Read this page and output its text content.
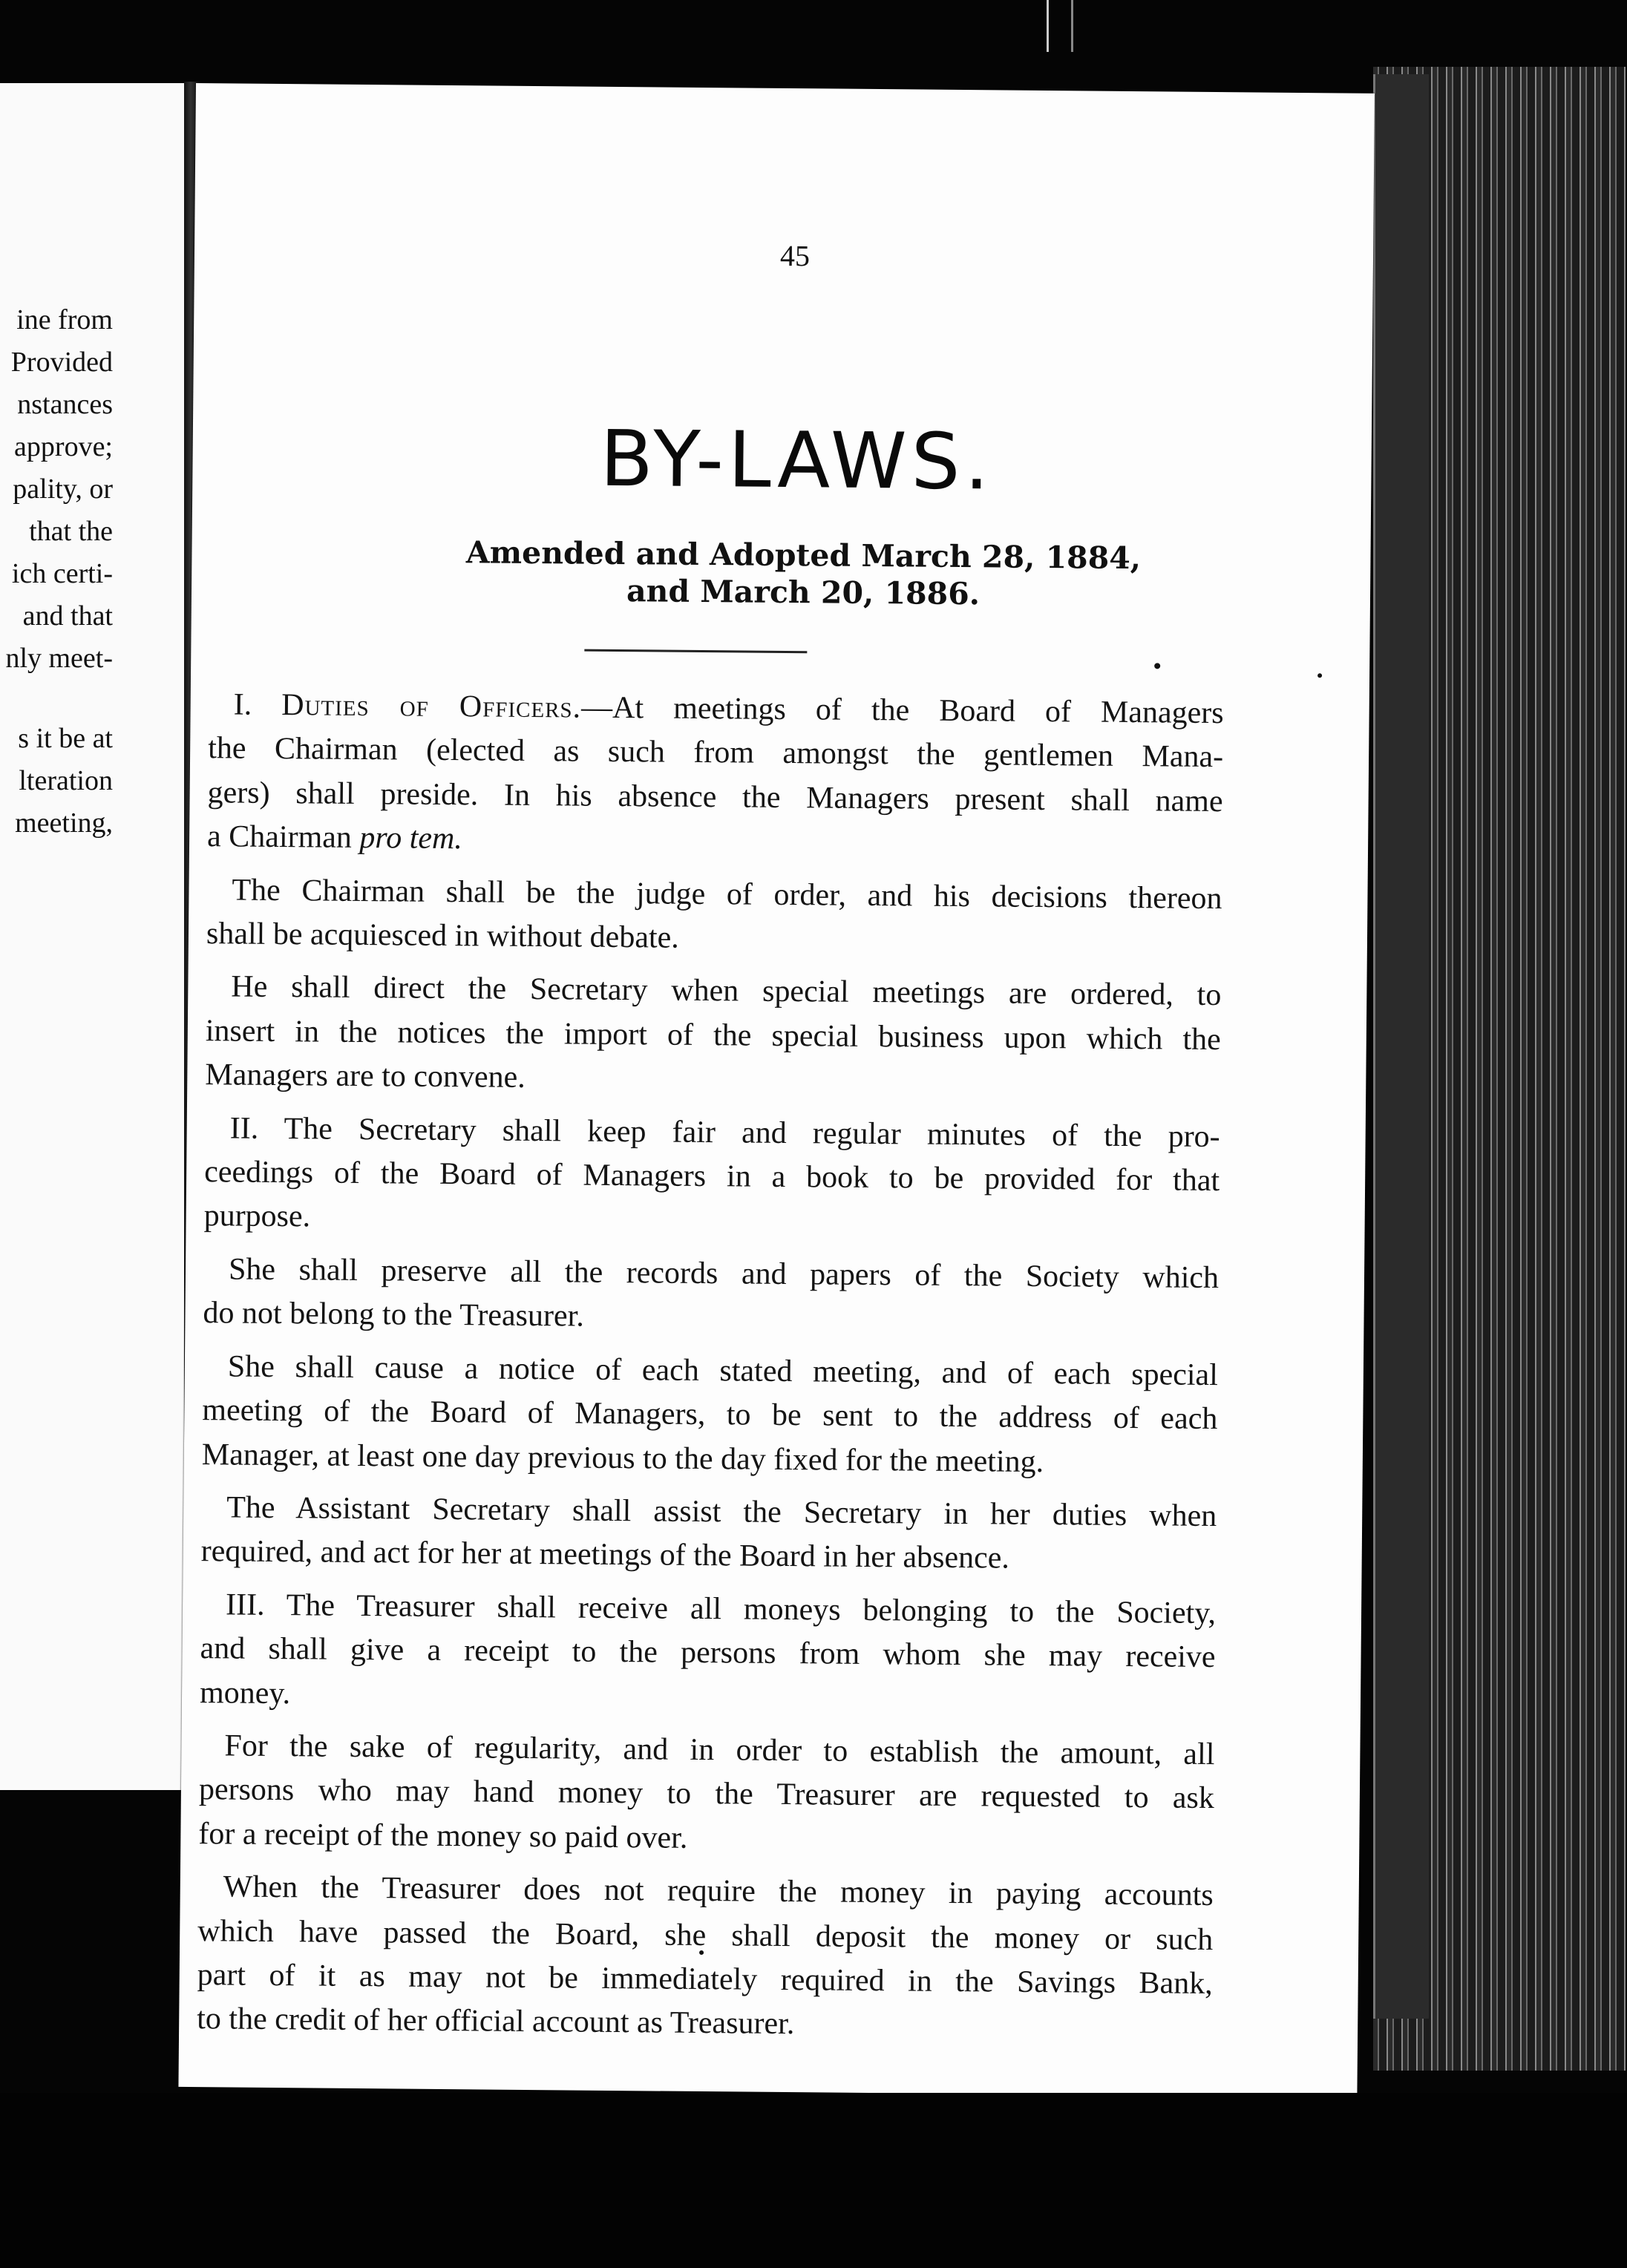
ine from
Provided
nstances
approve;
pality, or
that the
ich certi-
and that
nly meet-
s it be at
lteration
meeting,
45
BY-LAWS.
Amended and Adopted March 28, 1884,
and March 20, 1886.

I. Duties of Officers.—At meetings of the Board of Managers
the Chairman (elected as such from amongst the gentlemen Mana-
gers) shall preside. In his absence the Managers present shall name
a Chairman pro tem.

The Chairman shall be the judge of order, and his decisions thereon
shall be acquiesced in without debate.

He shall direct the Secretary when special meetings are ordered, to
insert in the notices the import of the special business upon which the
Managers are to convene.

II. The Secretary shall keep fair and regular minutes of the pro-
ceedings of the Board of Managers in a book to be provided for that
purpose.

She shall preserve all the records and papers of the Society which
do not belong to the Treasurer.

She shall cause a notice of each stated meeting, and of each special
meeting of the Board of Managers, to be sent to the address of each
Manager, at least one day previous to the day fixed for the meeting.

The Assistant Secretary shall assist the Secretary in her duties when
required, and act for her at meetings of the Board in her absence.

III. The Treasurer shall receive all moneys belonging to the Society,
and shall give a receipt to the persons from whom she may receive
money.

For the sake of regularity, and in order to establish the amount, all
persons who may hand money to the Treasurer are requested to ask
for a receipt of the money so paid over.

When the Treasurer does not require the money in paying accounts
which have passed the Board, she shall deposit the money or such
part of it as may not be immediately required in the Savings Bank,
to the credit of her official account as Treasurer.
